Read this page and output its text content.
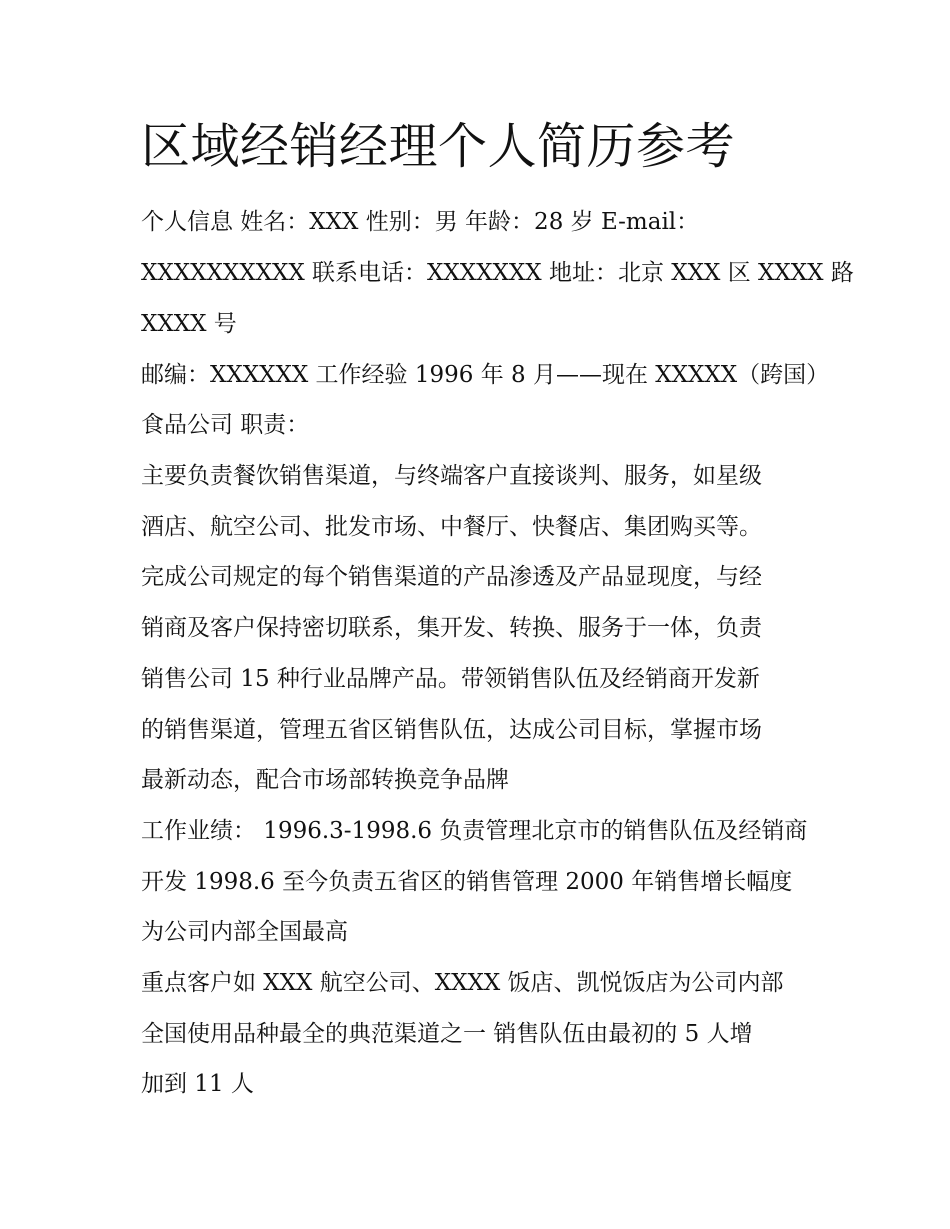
区域经销经理个人简历参考
个人信息 姓名：XXX 性别：男 年龄：28 岁 E-mail：
XXXXXXXXXX 联系电话：XXXXXXX 地址：北京 XXX 区 XXXX 路
XXXX 号
邮编：XXXXXX 工作经验 1996 年 8 月——现在 XXXXX（跨国）
食品公司 职责：
主要负责餐饮销售渠道，与终端客户直接谈判、服务，如星级
酒店、航空公司、批发市场、中餐厅、快餐店、集团购买等。
完成公司规定的每个销售渠道的产品渗透及产品显现度，与经
销商及客户保持密切联系，集开发、转换、服务于一体，负责
销售公司 15 种行业品牌产品。带领销售队伍及经销商开发新
的销售渠道，管理五省区销售队伍，达成公司目标，掌握市场
最新动态，配合市场部转换竞争品牌
工作业绩： 1996.3-1998.6 负责管理北京市的销售队伍及经销商
开发 1998.6 至今负责五省区的销售管理 2000 年销售增长幅度
为公司内部全国最高
重点客户如 XXX 航空公司、XXXX 饭店、凯悦饭店为公司内部
全国使用品种最全的典范渠道之一 销售队伍由最初的 5 人增
加到 11 人
